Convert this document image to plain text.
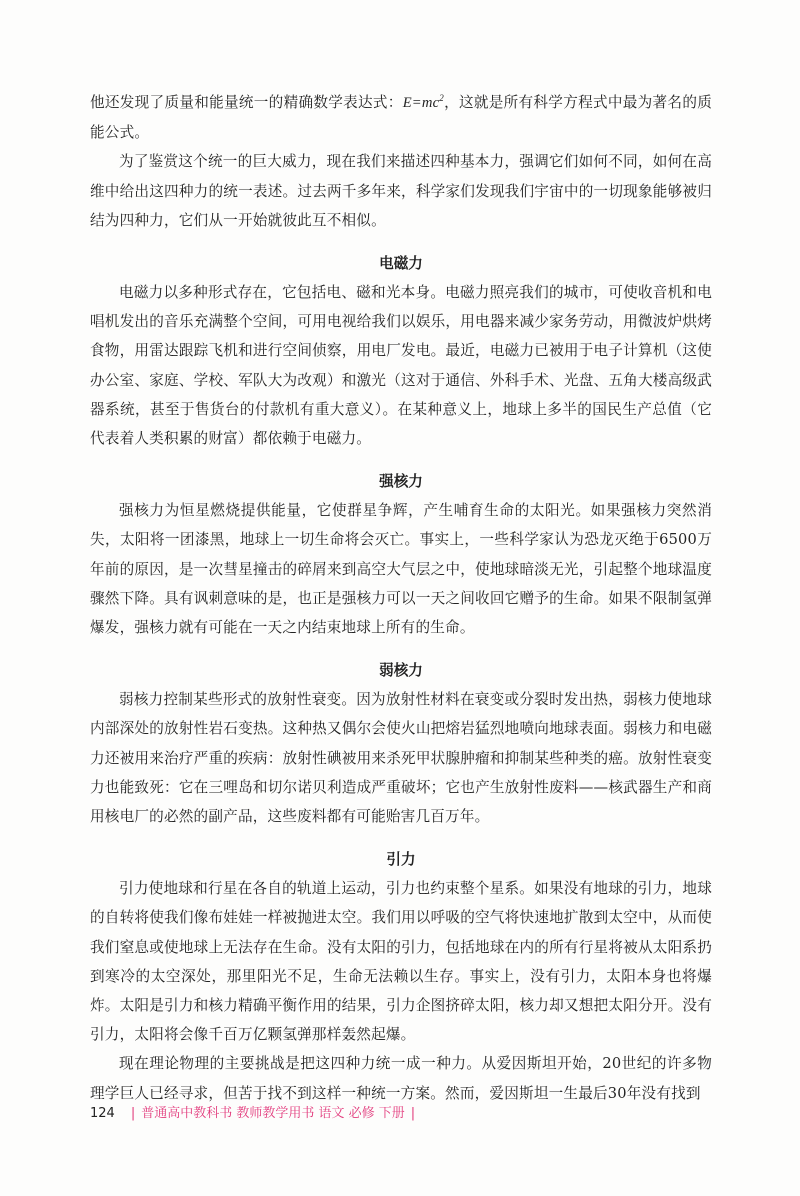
他还发现了质量和能量统一的精确数学表达式：$E=mc^2$，这就是所有科学方程式中最为著名的质能公式。

为了鉴赏这个统一的巨大威力，现在我们来描述四种基本力，强调它们如何不同，如何在高维中给出这四种力的统一表述。过去两千多年来，科学家们发现我们宇宙中的一切现象能够被归结为四种力，它们从一开始就彼此互不相似。

电磁力

电磁力以多种形式存在，它包括电、磁和光本身。电磁力照亮我们的城市，可使收音机和电唱机发出的音乐充满整个空间，可用电视给我们以娱乐，用电器来减少家务劳动，用微波炉烘烤食物，用雷达跟踪飞机和进行空间侦察，用电厂发电。最近，电磁力已被用于电子计算机（这使办公室、家庭、学校、军队大为改观）和激光（这对于通信、外科手术、光盘、五角大楼高级武器系统，甚至于售货台的付款机有重大意义）。在某种意义上，地球上多半的国民生产总值（它代表着人类积累的财富）都依赖于电磁力。

强核力

强核力为恒星燃烧提供能量，它使群星争辉，产生哺育生命的太阳光。如果强核力突然消失，太阳将一团漆黑，地球上一切生命将会灭亡。事实上，一些科学家认为恐龙灭绝于6500万年前的原因，是一次彗星撞击的碎屑来到高空大气层之中，使地球暗淡无光，引起整个地球温度骤然下降。具有讽刺意味的是，也正是强核力可以一天之间收回它赠予的生命。如果不限制氢弹爆发，强核力就有可能在一天之内结束地球上所有的生命。

弱核力

弱核力控制某些形式的放射性衰变。因为放射性材料在衰变或分裂时发出热，弱核力使地球内部深处的放射性岩石变热。这种热又偶尔会使火山把熔岩猛烈地喷向地球表面。弱核力和电磁力还被用来治疗严重的疾病：放射性碘被用来杀死甲状腺肿瘤和抑制某些种类的癌。放射性衰变力也能致死：它在三哩岛和切尔诺贝利造成严重破坏；它也产生放射性废料——核武器生产和商用核电厂的必然的副产品，这些废料都有可能贻害几百万年。

引力

引力使地球和行星在各自的轨道上运动，引力也约束整个星系。如果没有地球的引力，地球的自转将使我们像布娃娃一样被抛进太空。我们用以呼吸的空气将快速地扩散到太空中，从而使我们窒息或使地球上无法存在生命。没有太阳的引力，包括地球在内的所有行星将被从太阳系扔到寒冷的太空深处，那里阳光不足，生命无法赖以生存。事实上，没有引力，太阳本身也将爆炸。太阳是引力和核力精确平衡作用的结果，引力企图挤碎太阳，核力却又想把太阳分开。没有引力，太阳将会像千百万亿颗氢弹那样轰然起爆。

现在理论物理的主要挑战是把这四种力统一成一种力。从爱因斯坦开始，20世纪的许多物理学巨人已经寻求，但苦于找不到这样一种统一方案。然而，爱因斯坦一生最后30年没有找到

124 | 普通高中教科书 教师教学用书 语文 必修 下册 |
